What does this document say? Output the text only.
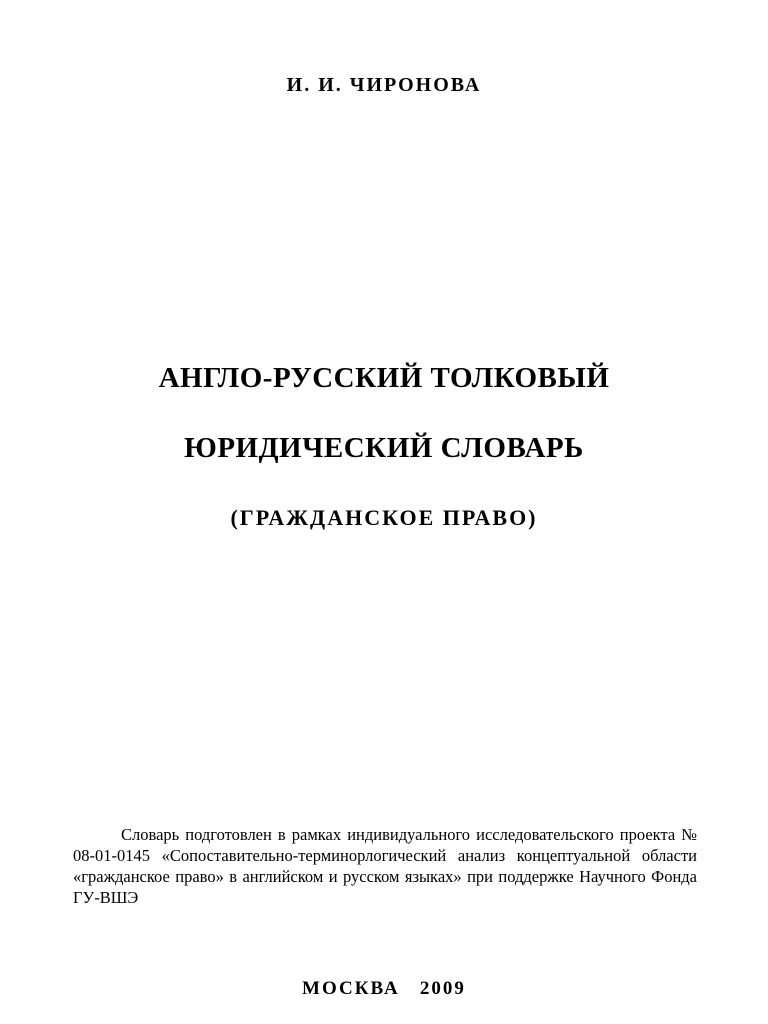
И. И. ЧИРОНОВА
АНГЛО-РУССКИЙ ТОЛКОВЫЙ
ЮРИДИЧЕСКИЙ СЛОВАРЬ
(ГРАЖДАНСКОЕ ПРАВО)
Словарь подготовлен в рамках индивидуального исследовательского проекта № 08-01-0145 «Сопоставительно-терминорлогический анализ концептуальной области «гражданское право» в английском и русском языках» при поддержке Научного Фонда ГУ-ВШЭ
МОСКВА   2009
